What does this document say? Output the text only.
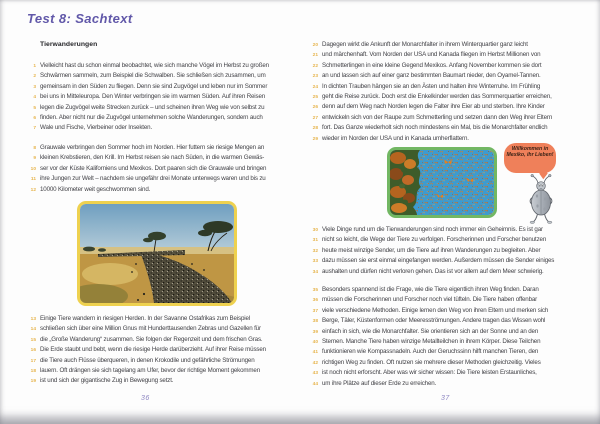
Test 8: Sachtext
Tierwanderungen
1 Vielleicht hast du schon einmal beobachtet, wie sich manche Vögel im Herbst zu großen
2 Schwärmen sammeln, zum Beispiel die Schwalben. Sie schließen sich zusammen, um
3 gemeinsam in den Süden zu fliegen. Denn sie sind Zugvögel und leben nur im Sommer
4 bei uns in Mitteleuropa. Den Winter verbringen sie im warmen Süden. Auf ihren Reisen
5 legen die Zugvögel weite Strecken zurück – und scheinen ihren Weg wie von selbst zu
6 finden. Aber nicht nur die Zugvögel unternehmen solche Wanderungen, sondern auch
7 Wale und Fische, Vierbeiner oder Insekten.
8 Grauwale verbringen den Sommer hoch im Norden. Hier futtern sie riesige Mengen an
9 kleinen Krebstieren, den Krill. Im Herbst reisen sie nach Süden, in die warmen Gewäs-
10 ser vor der Küste Kaliforniens und Mexikos. Dort paaren sich die Grauwale und bringen
11 ihre Jungen zur Welt – nachdem sie ungefähr drei Monate unterwegs waren und bis zu
12 10000 Kilometer weit geschwommen sind.
13 Einige Tiere wandern in riesigen Herden. In der Savanne Ostafrikas zum Beispiel
14 schließen sich über eine Million Gnus mit Hunderttausenden Zebras und Gazellen für
15 die „Große Wanderung“ zusammen. Sie folgen der Regenzeit und dem frischen Gras.
16 Die Erde staubt und bebt, wenn die riesige Herde darüberzieht. Auf ihrer Reise müssen
17 die Tiere auch Flüsse überqueren, in denen Krokodile und gefährliche Strömungen
18 lauern. Oft drängen sie sich tagelang am Ufer, bevor der richtige Moment gekommen
19 ist und sich der gigantische Zug in Bewegung setzt.
36
20 Dagegen wirkt die Ankunft der Monarchfalter in ihrem Winterquartier ganz leicht
21 und märchenhaft. Vom Norden der USA und Kanada fliegen im Herbst Millionen von
22 Schmetterlingen in eine kleine Gegend Mexikos. Anfang November kommen sie dort
23 an und lassen sich auf einer ganz bestimmten Baumart nieder, den Oyamel-Tannen.
24 In dichten Trauben hängen sie an den Ästen und halten ihre Winterruhe. Im Frühling
25 geht die Reise zurück. Doch erst die Enkelkinder werden das Sommerquartier erreichen,
26 denn auf dem Weg nach Norden legen die Falter ihre Eier ab und sterben. Ihre Kinder
27 entwickeln sich von der Raupe zum Schmetterling und setzen dann den Weg ihrer Eltern
28 fort. Das Ganze wiederholt sich noch mindestens ein Mal, bis die Monarchfalter endlich
29 wieder im Norden der USA und in Kanada umherflattern.
Willkommen in Mexiko, ihr Lieben!
30 Viele Dinge rund um die Tierwanderungen sind noch immer ein Geheimnis. Es ist gar
31 nicht so leicht, die Wege der Tiere zu verfolgen. Forscherinnen und Forscher benutzen
32 heute meist winzige Sender, um die Tiere auf ihren Wanderungen zu begleiten. Aber
33 dazu müssen sie erst einmal eingefangen werden. Außerdem müssen die Sender einiges
34 aushalten und dürfen nicht verloren gehen. Das ist vor allem auf dem Meer schwierig.
35 Besonders spannend ist die Frage, wie die Tiere eigentlich ihren Weg finden. Daran
36 müssen die Forscherinnen und Forscher noch viel tüfteln. Die Tiere haben offenbar
37 viele verschiedene Methoden. Einige lernen den Weg von ihren Eltern und merken sich
38 Berge, Täler, Küstenformen oder Meeresströmungen. Andere tragen das Wissen wohl
39 einfach in sich, wie die Monarchfalter. Sie orientieren sich an der Sonne und an den
40 Sternen. Manche Tiere haben winzige Metallteilchen in ihrem Körper. Diese Teilchen
41 funktionieren wie Kompassnadeln. Auch der Geruchssinn hilft manchen Tieren, den
42 richtigen Weg zu finden. Oft nutzen sie mehrere dieser Methoden gleichzeitig. Vieles
43 ist noch nicht erforscht. Aber was wir sicher wissen: Die Tiere leisten Erstaunliches,
44 um ihre Plätze auf dieser Erde zu erreichen.
37
